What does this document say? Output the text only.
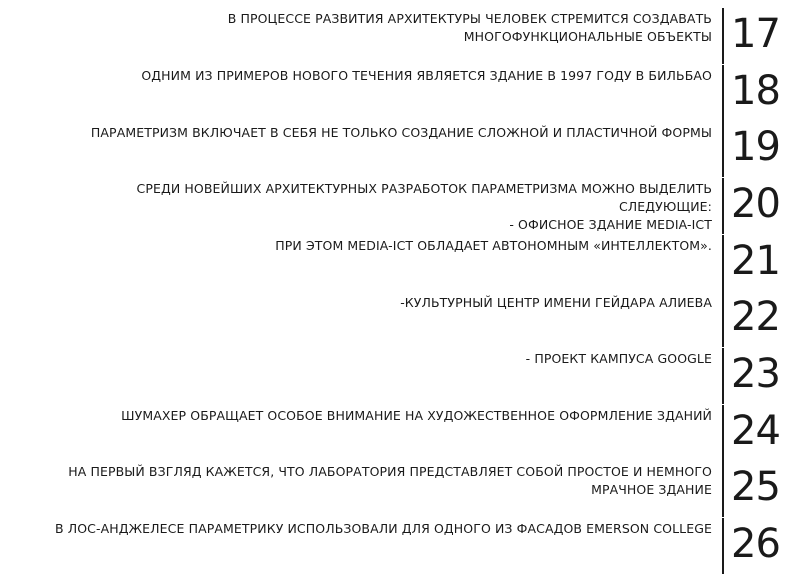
В ПРОЦЕССЕ РАЗВИТИЯ АРХИТЕКТУРЫ ЧЕЛОВЕК СТРЕМИТСЯ СОЗДАВАТЬ
МНОГОФУНКЦИОНАЛЬНЫЕ ОБЪЕКТЫ
ОДНИМ ИЗ ПРИМЕРОВ НОВОГО ТЕЧЕНИЯ ЯВЛЯЕТСЯ ЗДАНИЕ В 1997 ГОДУ В БИЛЬБАО
ПАРАМЕТРИЗМ ВКЛЮЧАЕТ В СЕБЯ НЕ ТОЛЬКО СОЗДАНИЕ СЛОЖНОЙ И ПЛАСТИЧНОЙ ФОРМЫ
СРЕДИ НОВЕЙШИХ АРХИТЕКТУРНЫХ РАЗРАБОТОК ПАРАМЕТРИЗМА МОЖНО ВЫДЕЛИТЬ
СЛЕДУЮЩИЕ:
- ОФИСНОЕ ЗДАНИЕ MEDIA-ICT
ПРИ ЭТОМ MEDIA-ICT ОБЛАДАЕТ АВТОНОМНЫМ «ИНТЕЛЛЕКТОМ».
-КУЛЬТУРНЫЙ ЦЕНТР ИМЕНИ ГЕЙДАРА АЛИЕВА
- ПРОЕКТ КАМПУСА GOOGLE
ШУМАХЕР ОБРАЩАЕТ ОСОБОЕ ВНИМАНИЕ НА ХУДОЖЕСТВЕННОЕ ОФОРМЛЕНИЕ ЗДАНИЙ
НА ПЕРВЫЙ ВЗГЛЯД КАЖЕТСЯ, ЧТО ЛАБОРАТОРИЯ ПРЕДСТАВЛЯЕТ СОБОЙ ПРОСТОЕ И НЕМНОГО
МРАЧНОЕ ЗДАНИЕ
В ЛОС-АНДЖЕЛЕСЕ ПАРАМЕТРИКУ ИСПОЛЬЗОВАЛИ ДЛЯ ОДНОГО ИЗ ФАСАДОВ EMERSON COLLEGE
17
18
19
20
21
22
23
24
25
26
